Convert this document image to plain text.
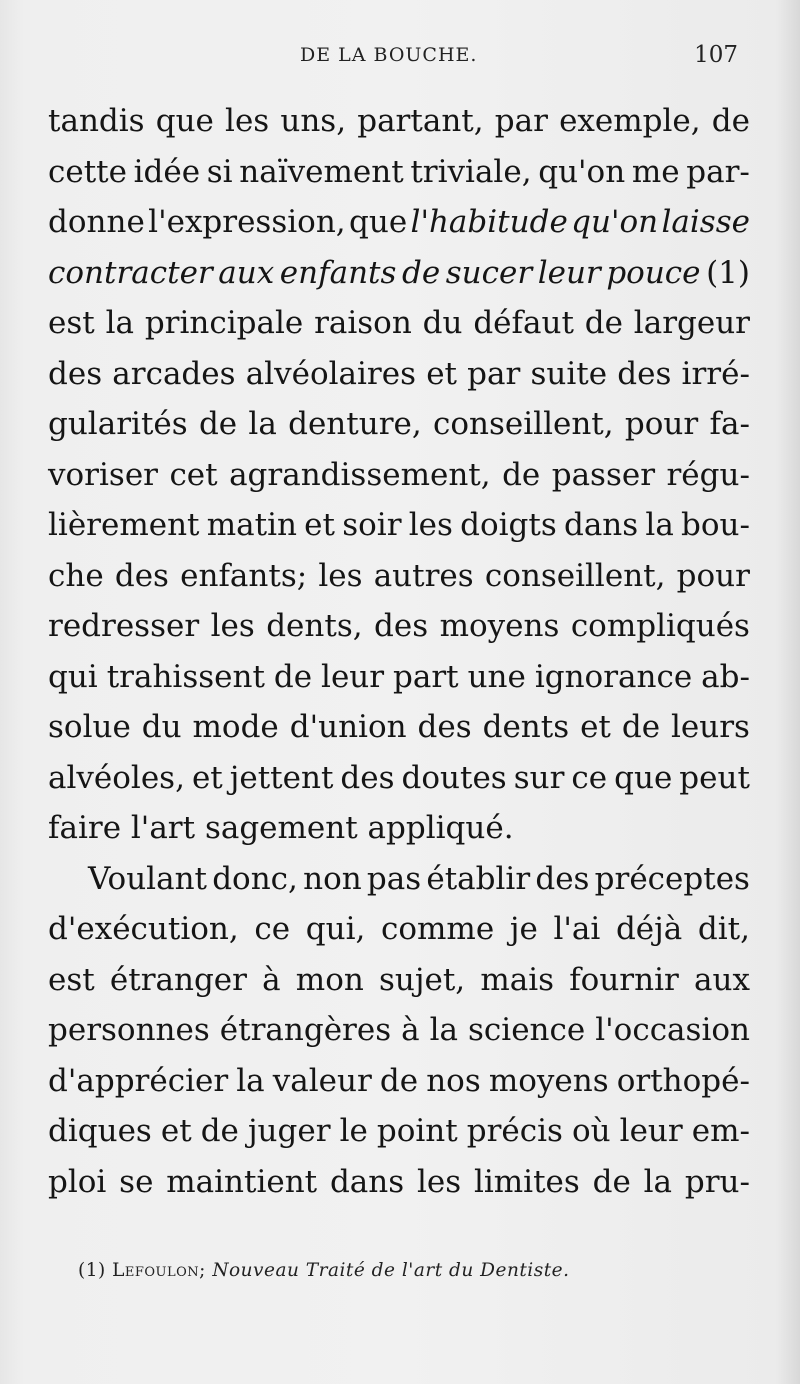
DE LA BOUCHE.	107
tandis que les uns, partant, par exemple, de
cette idée si naïvement triviale, qu'on me par-
donne l'expression, que l'habitude qu'on laisse
contracter aux enfants de sucer leur pouce (1)
est la principale raison du défaut de largeur
des arcades alvéolaires et par suite des irré-
gularités de la denture, conseillent, pour fa-
voriser cet agrandissement, de passer régu-
lièrement matin et soir les doigts dans la bou-
che des enfants; les autres conseillent, pour
redresser les dents, des moyens compliqués
qui trahissent de leur part une ignorance ab-
solue du mode d'union des dents et de leurs
alvéoles, et jettent des doutes sur ce que peut
faire l'art sagement appliqué.
Voulant donc, non pas établir des préceptes
d'exécution, ce qui, comme je l'ai déjà dit,
est étranger à mon sujet, mais fournir aux
personnes étrangères à la science l'occasion
d'apprécier la valeur de nos moyens orthopé-
diques et de juger le point précis où leur em-
ploi se maintient dans les limites de la pru-
(1) Lefoulon; Nouveau Traité de l'art du Dentiste.
